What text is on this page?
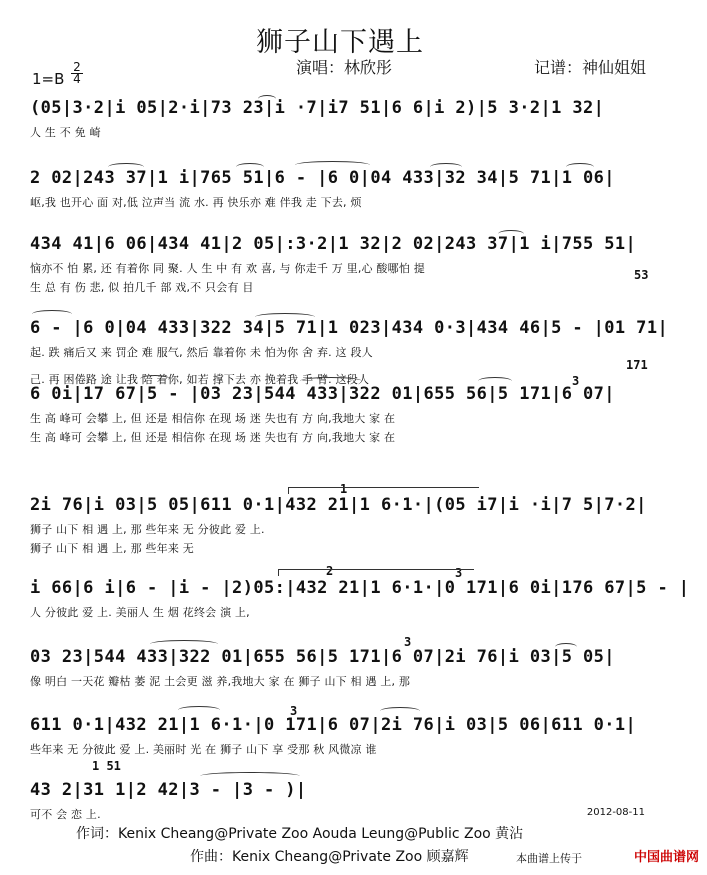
狮子山下遇上
演唱：林欣彤	记谱：神仙姐姐
1=B
2
4
(05|3·2|i 05|2·i|73 23|i ·7|i7 51|6 6|i 2)|5 3·2|1 32|
人 生 不 免 崎
2 02|243 37|1 i|765 51|6 - |6 0|04 433|32 34|5 71|1 06|
岖,我 也开心 面 对,低 泣声当 流 水. 再 快乐亦 难 伴我 走 下去, 烦
434 41|6 06|434 41|2 05|:3·2|1 32|2 02|243 37|1 i|755 51|
恼亦不 怕 累, 还 有着你 同 聚. 人 生 中 有 欢 喜, 与 你走千 万 里,心 酸哪怕 提
生 总 有 伤 悲, 似 拍几千 部 戏,不 只会有 目
6 - |6 0|04 433|322 34|5 71|1 023|434 0·3|434 46|5 - |01 71|
起. 跌 痛后又 来 罚企 难 服气, 然后 靠着你 未 怕为你 舍 弃. 这 段人
己. 再 困倦路 途 让我 陪 着你, 如若 撑下去 亦 挽着我 手 臂. 这段人
6 0i|17 67|5 - |03 23|544 433|322 01|655 56|5 171|6 07|
生 高 峰可 会攀 上, 但 还是 相信你 在现 场 迷 失也有 方 向,我地大 家 在
生 高 峰可 会攀 上, 但 还是 相信你 在现 场 迷 失也有 方 向,我地大 家 在
2i 76|i 03|5 05|611 0·1|432 21|1 6·1·|(05 i7|i ·i|7 5|7·2|
狮子 山下 相 遇 上, 那 些年来 无 分彼此 爱 上.
狮子 山下 相 遇 上, 那 些年来 无
i 66|6 i|6 - |i - |2)05:|432 21|1 6·1·|0 171|6 0i|176 67|5 - |
人 分彼此 爱 上. 美丽人 生 烟 花终会 演 上,
03 23|544 433|322 01|655 56|5 171|6 07|2i 76|i 03|5 05|
像 明白 一天花 瓣枯 萎 泥 土会更 滋 养,我地大 家 在 狮子 山下 相 遇 上, 那
611 0·1|432 21|1 6·1·|0 171|6 07|2i 76|i 03|5 06|611 0·1|
些年来 无 分彼此 爱 上. 美丽时 光 在 狮子 山下 享 受那 秋 风微凉 谁
43 2|31 1|2 42|3 - |3 - )|
可不 会 恋 上.
53
171
1
2
3
3
3
3
1 51
2012-08-11
作词：Kenix Cheang@Private Zoo Aouda Leung@Public Zoo 黄沾
作曲：Kenix Cheang@Private Zoo 顾嘉辉	本曲谱上传于	中国曲谱网
